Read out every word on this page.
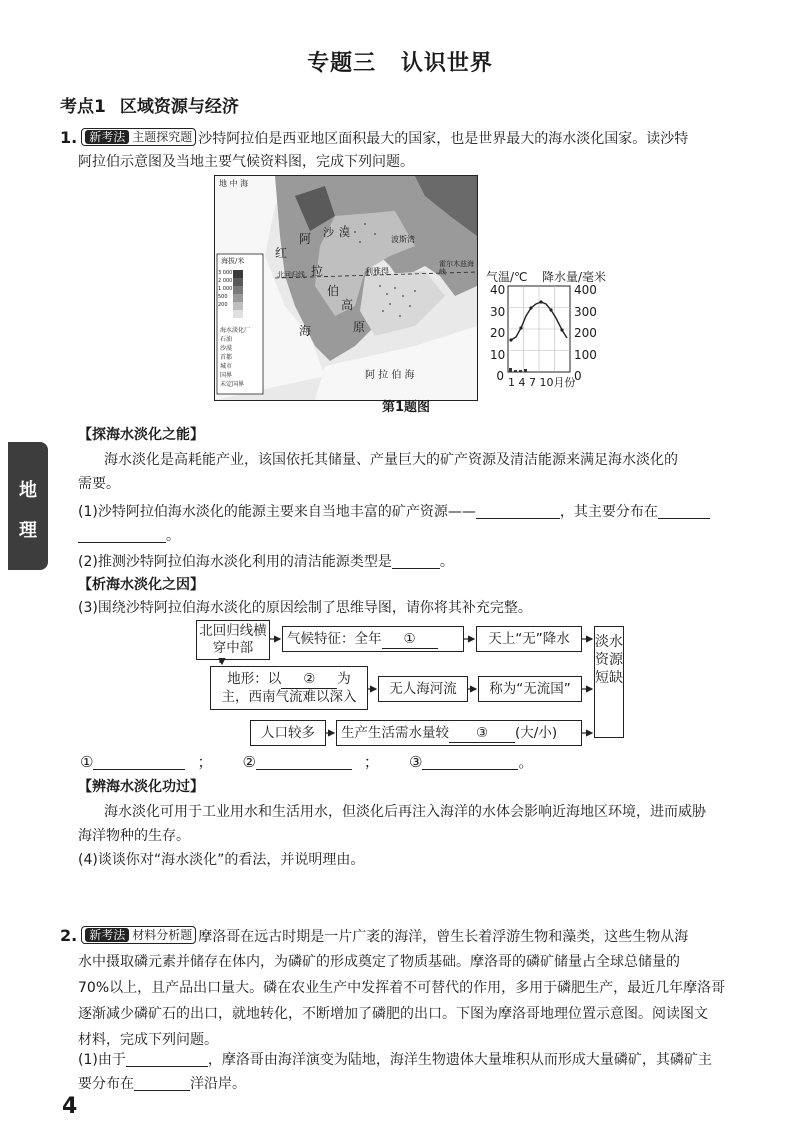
专题三 认识世界
考点1 区域资源与经济
1. 新考法 主题探究题 沙特阿拉伯是西亚地区面积最大的国家，也是世界最大的海水淡化国家。读沙特
阿拉伯示意图及当地主要气候资料图，完成下列问题。
地 中 海
红
海
阿
拉
伯
高
原
沙 漠
波斯湾
霍尔木兹海峡
利雅得
北回归线
阿 拉 伯 海
海拔/米
3 000
2 000
1 000
500
200
海水淡化厂
石油
沙漠
首都
城市
国界
未定国界
气温/℃ 降水量/毫米
40
30
20
10
0
400
300
200
100
0
1 4 7 10月份
第1题图
地
理
【探海水淡化之能】
海水淡化是高耗能产业，该国依托其储量、产量巨大的矿产资源及清洁能源来满足海水淡化的
需要。
(1)沙特阿拉伯海水淡化的能源主要来自当地丰富的矿产资源——	，其主要分布在
。
(2)推测沙特阿拉伯海水淡化利用的清洁能源类型是	。
【析海水淡化之因】
(3)围绕沙特阿拉伯海水淡化的原因绘制了思维导图，请你将其补充完整。
北回归线横穿中部
气候特征：全年 ①	天上“无”降水	淡水资源短缺
地形：以 ② 为
主，西南气流难以深入	无人海河流	称为“无流国”
人口较多	生产生活需水量较 ③ (大/小)
①	； ②	； ③	。
【辨海水淡化功过】
海水淡化可用于工业用水和生活用水，但淡化后再注入海洋的水体会影响近海地区环境，进而威胁
海洋物种的生存。
(4)谈谈你对“海水淡化”的看法，并说明理由。
2. 新考法 材料分析题 摩洛哥在远古时期是一片广袤的海洋，曾生长着浮游生物和藻类，这些生物从海
水中摄取磷元素并储存在体内，为磷矿的形成奠定了物质基础。摩洛哥的磷矿储量占全球总储量的
70%以上，且产品出口量大。磷在农业生产中发挥着不可替代的作用，多用于磷肥生产，最近几年摩洛哥
逐渐减少磷矿石的出口，就地转化，不断增加了磷肥的出口。下图为摩洛哥地理位置示意图。阅读图文
材料，完成下列问题。
(1)由于	，摩洛哥由海洋演变为陆地，海洋生物遗体大量堆积从而形成大量磷矿，其磷矿主
要分布在	洋沿岸。
4
